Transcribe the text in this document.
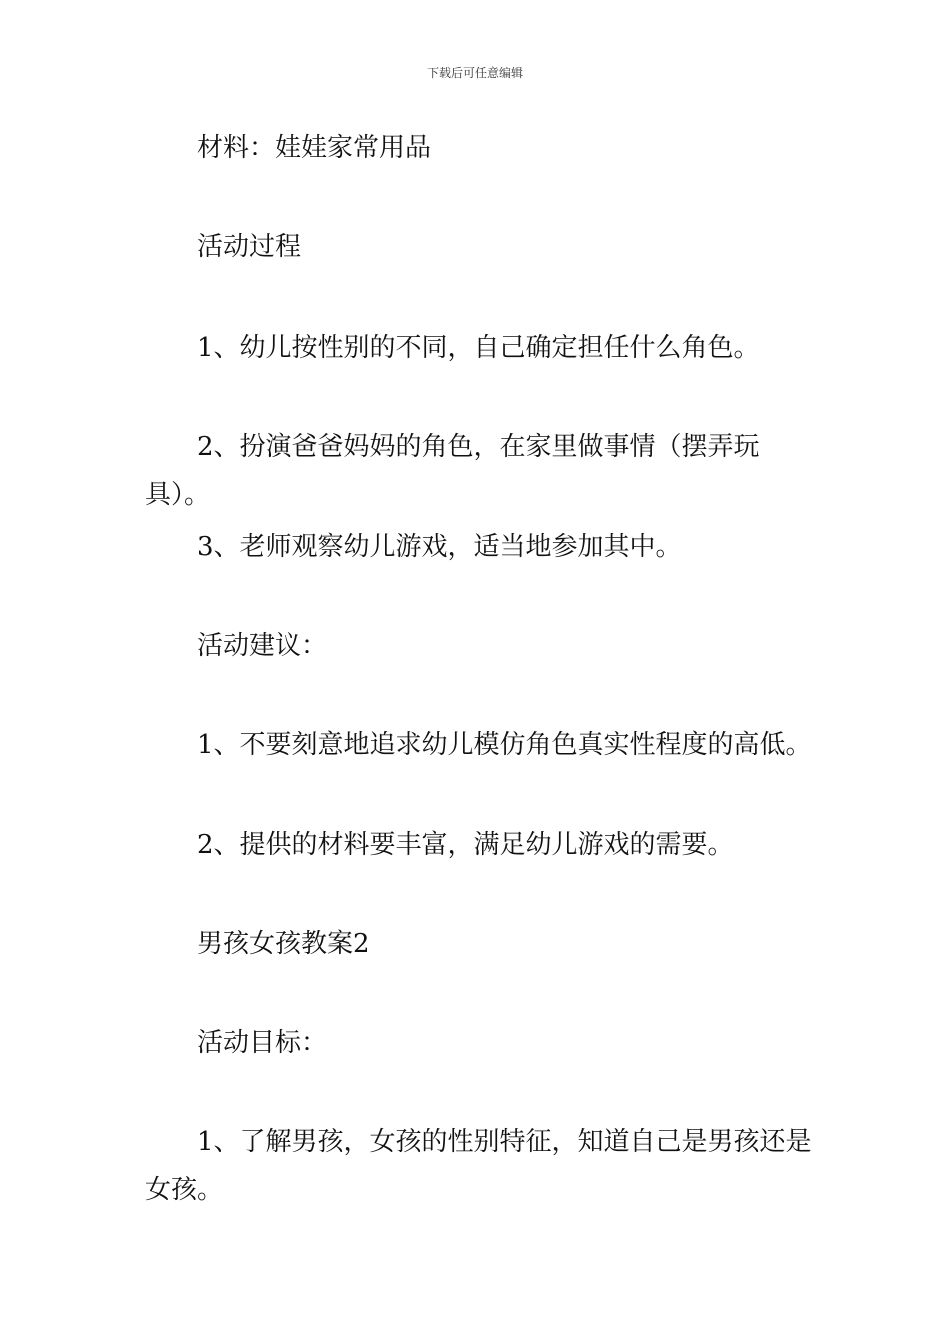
下载后可任意编辑
材料：娃娃家常用品
活动过程
1、幼儿按性别的不同，自己确定担任什么角色。
2、扮演爸爸妈妈的角色，在家里做事情（摆弄玩具）。
3、老师观察幼儿游戏，适当地参加其中。
活动建议：
1、不要刻意地追求幼儿模仿角色真实性程度的高低。
2、提供的材料要丰富，满足幼儿游戏的需要。
男孩女孩教案2
活动目标：
1、了解男孩，女孩的性别特征，知道自己是男孩还是女孩。
